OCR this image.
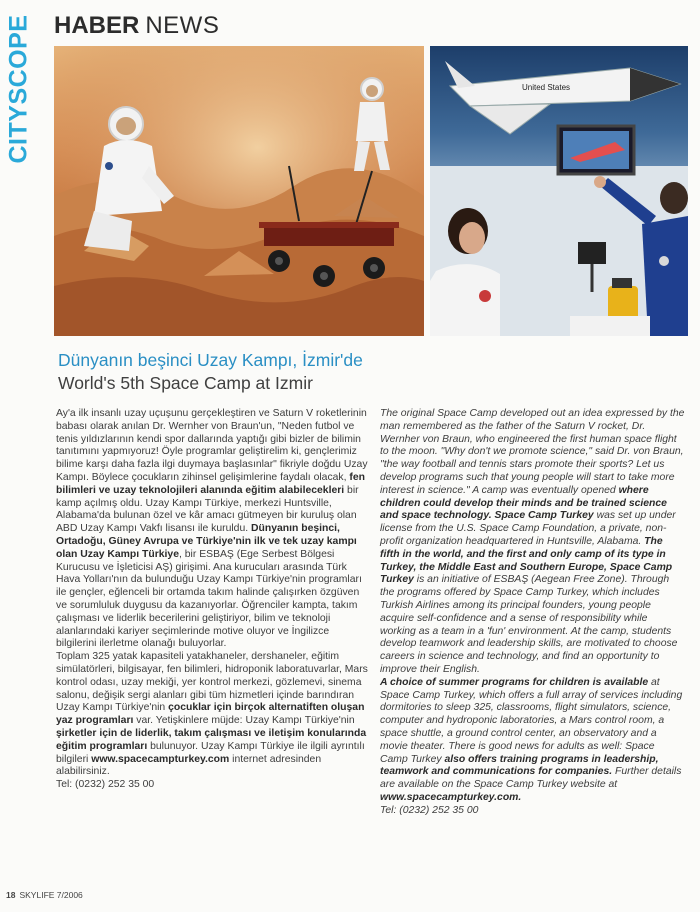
CITYSCOPE HABER NEWS
United States
Dünyanın beşinci Uzay Kampı, İzmir'de
World's 5th Space Camp at Izmir

Ay'a ilk insanlı uzay uçuşunu gerçekleştiren ve Saturn V roketlerinin babası olarak anılan Dr. Wernher von Braun'un, "Neden futbol ve tenis yıldızlarının kendi spor dallarında yaptığı gibi bizler de bilimin tanıtımını yapmıyoruz! Öyle programlar geliştirelim ki, gençlerimiz bilime karşı daha fazla ilgi duymaya başlasınlar" fikriyle doğdu Uzay Kampı. Böylece çocukların zihinsel gelişimlerine faydalı olacak, fen bilimleri ve uzay teknolojileri alanında eğitim alabilecekleri bir kamp açılmış oldu. Uzay Kampı Türkiye, merkezi Huntsville, Alabama'da bulunan özel ve kâr amacı gütmeyen bir kuruluş olan ABD Uzay Kampı Vakfı lisansı ile kuruldu. Dünyanın beşinci, Ortadoğu, Güney Avrupa ve Türkiye'nin ilk ve tek uzay kampı olan Uzay Kampı Türkiye, bir ESBAŞ (Ege Serbest Bölgesi Kurucusu ve İşleticisi AŞ) girişimi. Ana kurucuları arasında Türk Hava Yolları'nın da bulunduğu Uzay Kampı Türkiye'nin programları ile gençler, eğlenceli bir ortamda takım halinde çalışırken özgüven ve sorumluluk duygusu da kazanıyorlar. Öğrenciler kampta, takım çalışması ve liderlik becerilerini geliştiriyor, bilim ve teknoloji alanlarındaki kariyer seçimlerinde motive oluyor ve İngilizce bilgilerini ilerletme olanağı buluyorlar.

Toplam 325 yatak kapasiteli yatakhaneler, dershaneler, eğitim simülatörleri, bilgisayar, fen bilimleri, hidroponik laboratuvarlar, Mars kontrol odası, uzay mekiği, yer kontrol merkezi, gözlemevi, sinema salonu, değişik sergi alanları gibi tüm hizmetleri içinde barındıran Uzay Kampı Türkiye'nin çocuklar için birçok alternatiften oluşan yaz programları var. Yetişkinlere müjde: Uzay Kampı Türkiye'nin şirketler için de liderlik, takım çalışması ve iletişim konularında eğitim programları bulunuyor. Uzay Kampı Türkiye ile ilgili ayrıntılı bilgileri www.spacecampturkey.com internet adresinden alabilirsiniz.

Tel: (0232) 252 35 00

The original Space Camp developed out an idea expressed by the man remembered as the father of the Saturn V rocket, Dr. Wernher von Braun, who engineered the first human space flight to the moon. "Why don't we promote science," said Dr. von Braun, "the way football and tennis stars promote their sports? Let us develop programs such that young people will start to take more interest in science." A camp was eventually opened where children could develop their minds and be trained science and space technology. Space Camp Turkey was set up under license from the U.S. Space Camp Foundation, a private, non-profit organization headquartered in Huntsville, Alabama. The fifth in the world, and the first and only camp of its type in Turkey, the Middle East and Southern Europe, Space Camp Turkey is an initiative of ESBAŞ (Aegean Free Zone). Through the programs offered by Space Camp Turkey, which includes Turkish Airlines among its principal founders, young people acquire self-confidence and a sense of responsibility while working as a team in a 'fun' environment. At the camp, students develop teamwork and leadership skills, are motivated to choose careers in science and technology, and find an opportunity to improve their English.

A choice of summer programs for children is available at Space Camp Turkey, which offers a full array of services including dormitories to sleep 325, classrooms, flight simulators, science, computer and hydroponic laboratories, a Mars control room, a space shuttle, a ground control center, an observatory and a movie theater. There is good news for adults as well: Space Camp Turkey also offers training programs in leadership, teamwork and communications for companies. Further details are available on the Space Camp Turkey website at www.spacecampturkey.com.

Tel: (0232) 252 35 00

18 SKYLIFE 7/2006
